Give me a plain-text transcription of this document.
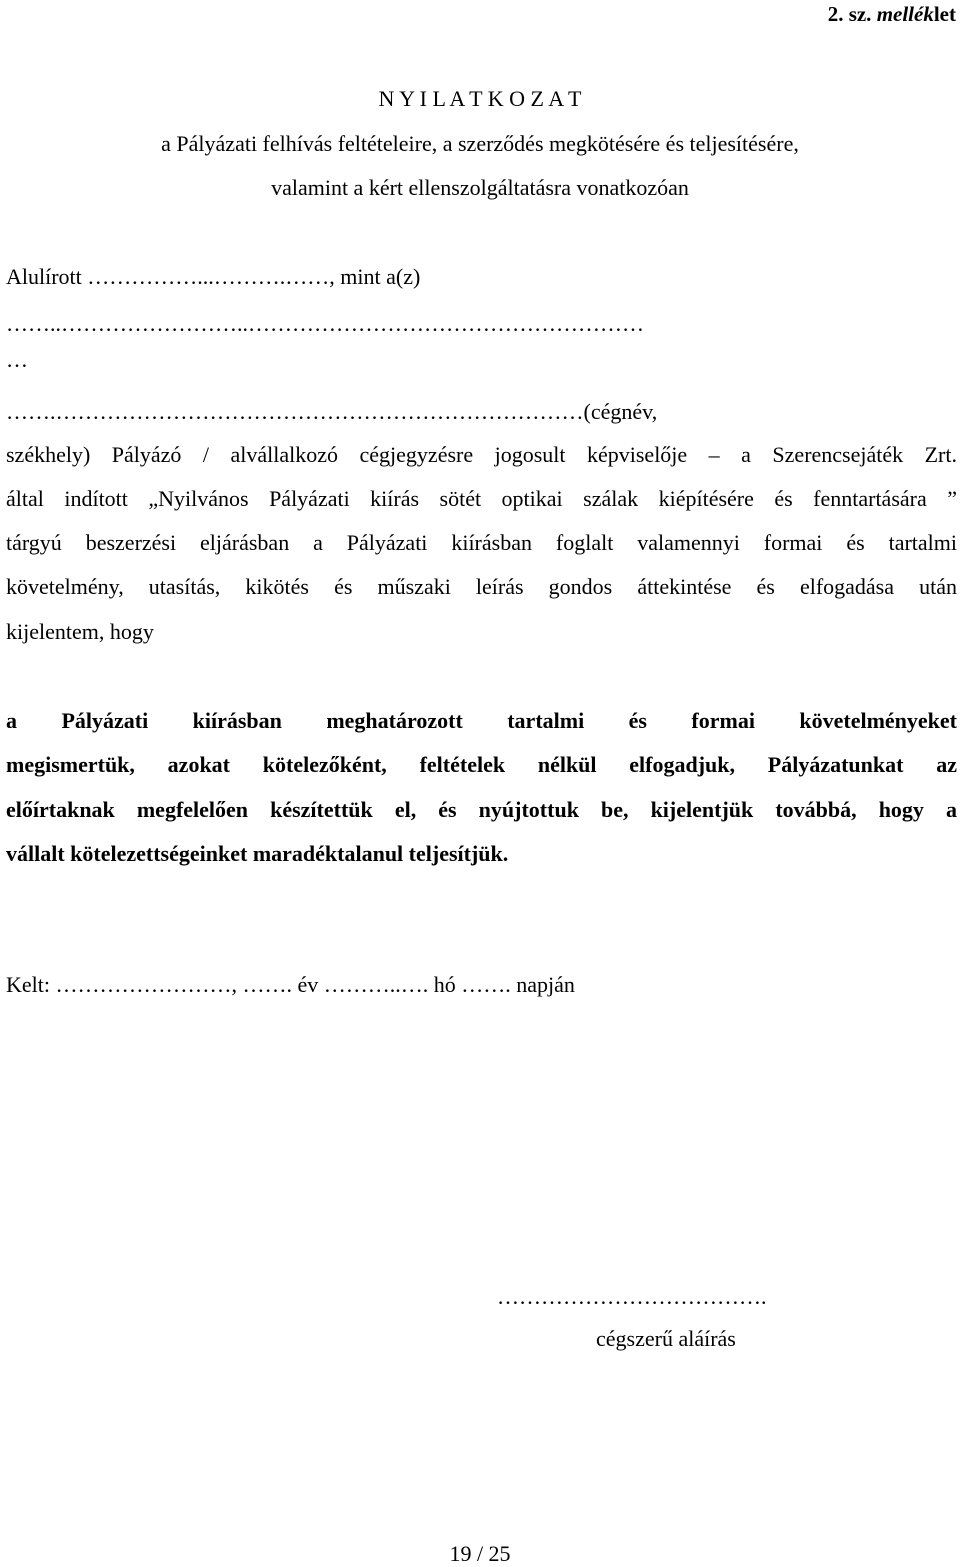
2. sz. melléklet
N Y I L A T K O Z A T
a Pályázati felhívás feltételeire, a szerződés megkötésére és teljesítésére,
valamint a kért ellenszolgáltatásra vonatkozóan
Alulírott ……………...……….……, mint a(z)
……..……………………..………………………………………………
…
…….………………………………………………………………(cégnév,
székhely) Pályázó / alvállalkozó cégjegyzésre jogosult képviselője – a Szerencsejáték Zrt.
által indított „Nyilvános Pályázati kiírás sötét optikai szálak kiépítésére és fenntartására ”
tárgyú beszerzési eljárásban a Pályázati kiírásban foglalt valamennyi formai és tartalmi
követelmény, utasítás, kikötés és műszaki leírás gondos áttekintése és elfogadása után
kijelentem, hogy
a Pályázati kiírásban meghatározott tartalmi és formai követelményeket
megismertük, azokat kötelezőként, feltételek nélkül elfogadjuk, Pályázatunkat az
előírtaknak megfelelően készítettük el, és nyújtottuk be, kijelentjük továbbá, hogy a
vállalt kötelezettségeinket maradéktalanul teljesítjük.
Kelt: ……………………, ……. év ………..…. hó ……. napján
……………………………….
cégszerű aláírás
19 / 25
